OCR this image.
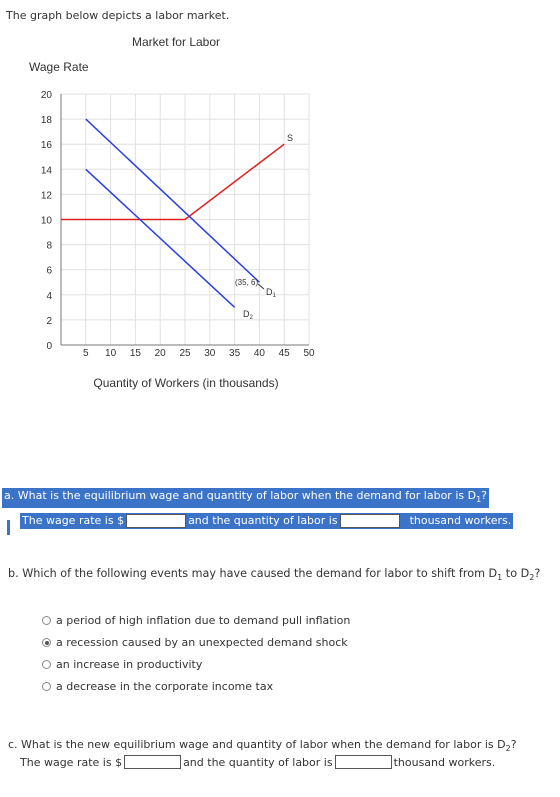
The graph below depicts a labor market.
Market for Labor
Wage Rate
0
2
4
6
8
10
12
14
16
18
20
5 10 15 20 25 30 35 40 45 50
(35, 6)
S
$D_1$
$D_2$
Quantity of Workers (in thousands)
a. What is the equilibrium wage and quantity of labor when the demand for labor is $D_1$?
The wage rate is $	and the quantity of labor is	thousand workers.
b. Which of the following events may have caused the demand for labor to shift from $D_1$ to $D_2$?
a period of high inflation due to demand pull inflation
a recession caused by an unexpected demand shock
an increase in productivity
a decrease in the corporate income tax
c. What is the new equilibrium wage and quantity of labor when the demand for labor is $D_2$?
The wage rate is $	and the quantity of labor is	thousand workers.
